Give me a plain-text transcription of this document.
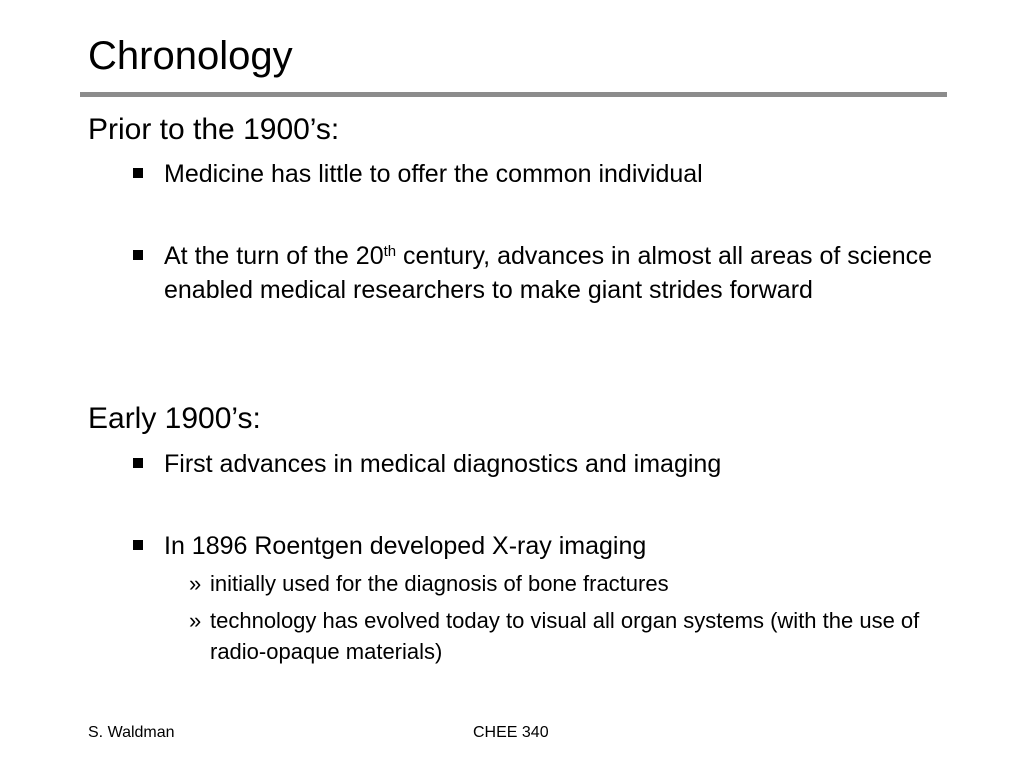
Chronology
Prior to the 1900’s:
Medicine has little to offer the common individual
At the turn of the 20th century, advances in almost all areas of science enabled medical researchers to make giant strides forward
Early 1900’s:
First advances in medical diagnostics and imaging
In 1896 Roentgen developed X-ray imaging
» initially used for the diagnosis of bone fractures
» technology has evolved today to visual all organ systems (with the use of radio-opaque materials)
S. Waldman	CHEE 340
